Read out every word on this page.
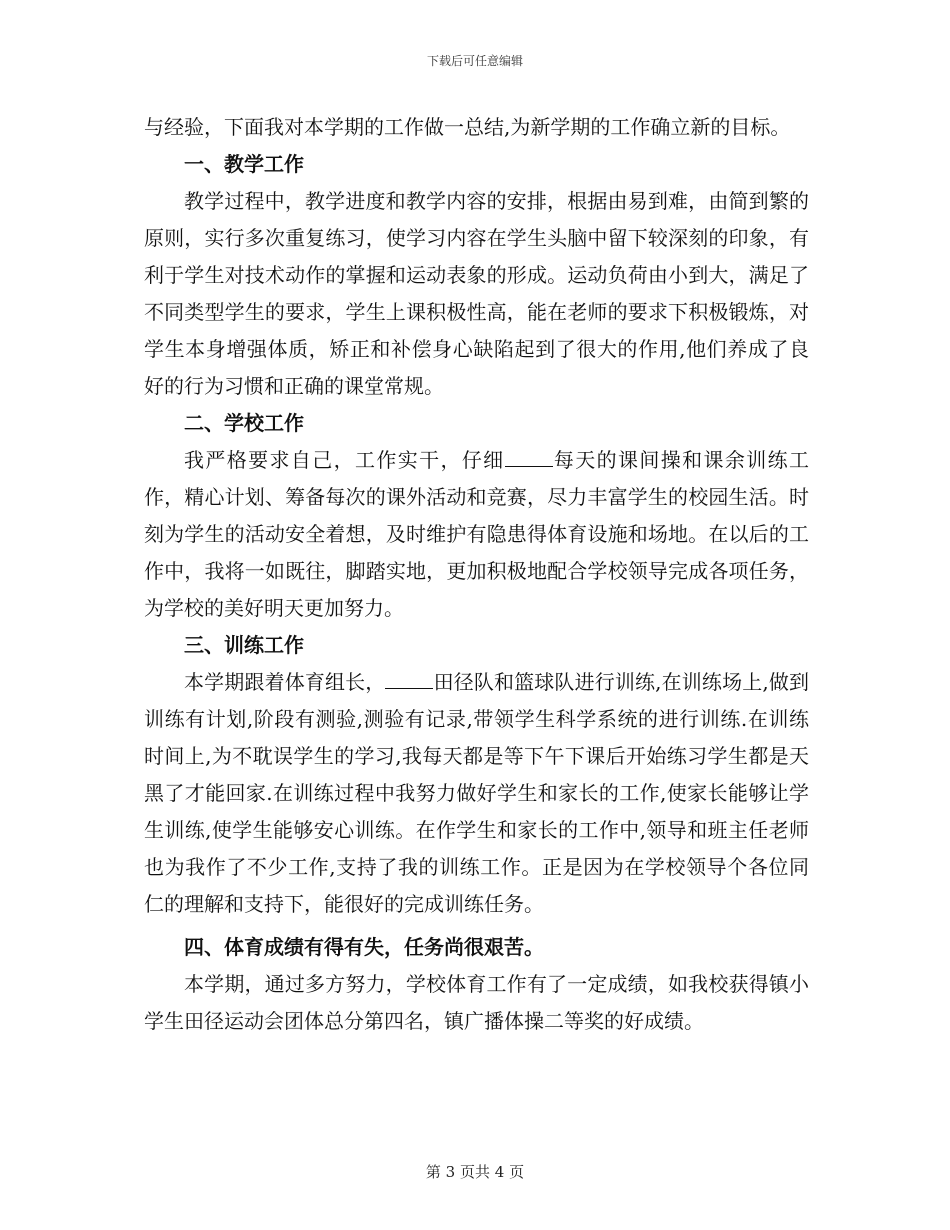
下载后可任意编辑

与经验，下面我对本学期的工作做一总结,为新学期的工作确立新的目标。

一、教学工作

教学过程中，教学进度和教学内容的安排，根据由易到难，由简到繁的原则，实行多次重复练习，使学习内容在学生头脑中留下较深刻的印象，有利于学生对技术动作的掌握和运动表象的形成。运动负荷由小到大，满足了不同类型学生的要求，学生上课积极性高，能在老师的要求下积极锻炼，对学生本身增强体质，矫正和补偿身心缺陷起到了很大的作用,他们养成了良好的行为习惯和正确的课堂常规。

二、学校工作

我严格要求自己，工作实干，仔细 每天的课间操和课余训练工作，精心计划、筹备每次的课外活动和竞赛，尽力丰富学生的校园生活。时刻为学生的活动安全着想，及时维护有隐患得体育设施和场地。在以后的工作中，我将一如既往，脚踏实地，更加积极地配合学校领导完成各项任务，为学校的美好明天更加努力。

三、训练工作

本学期跟着体育组长， 田径队和篮球队进行训练,在训练场上,做到训练有计划,阶段有测验,测验有记录,带领学生科学系统的进行训练.在训练时间上,为不耽误学生的学习,我每天都是等下午下课后开始练习学生都是天黑了才能回家.在训练过程中我努力做好学生和家长的工作,使家长能够让学生训练,使学生能够安心训练。在作学生和家长的工作中,领导和班主任老师也为我作了不少工作,支持了我的训练工作。正是因为在学校领导个各位同仁的理解和支持下，能很好的完成训练任务。

四、体育成绩有得有失，任务尚很艰苦。

本学期，通过多方努力，学校体育工作有了一定成绩，如我校获得镇小学生田径运动会团体总分第四名，镇广播体操二等奖的好成绩。

第 3 页共 4 页
